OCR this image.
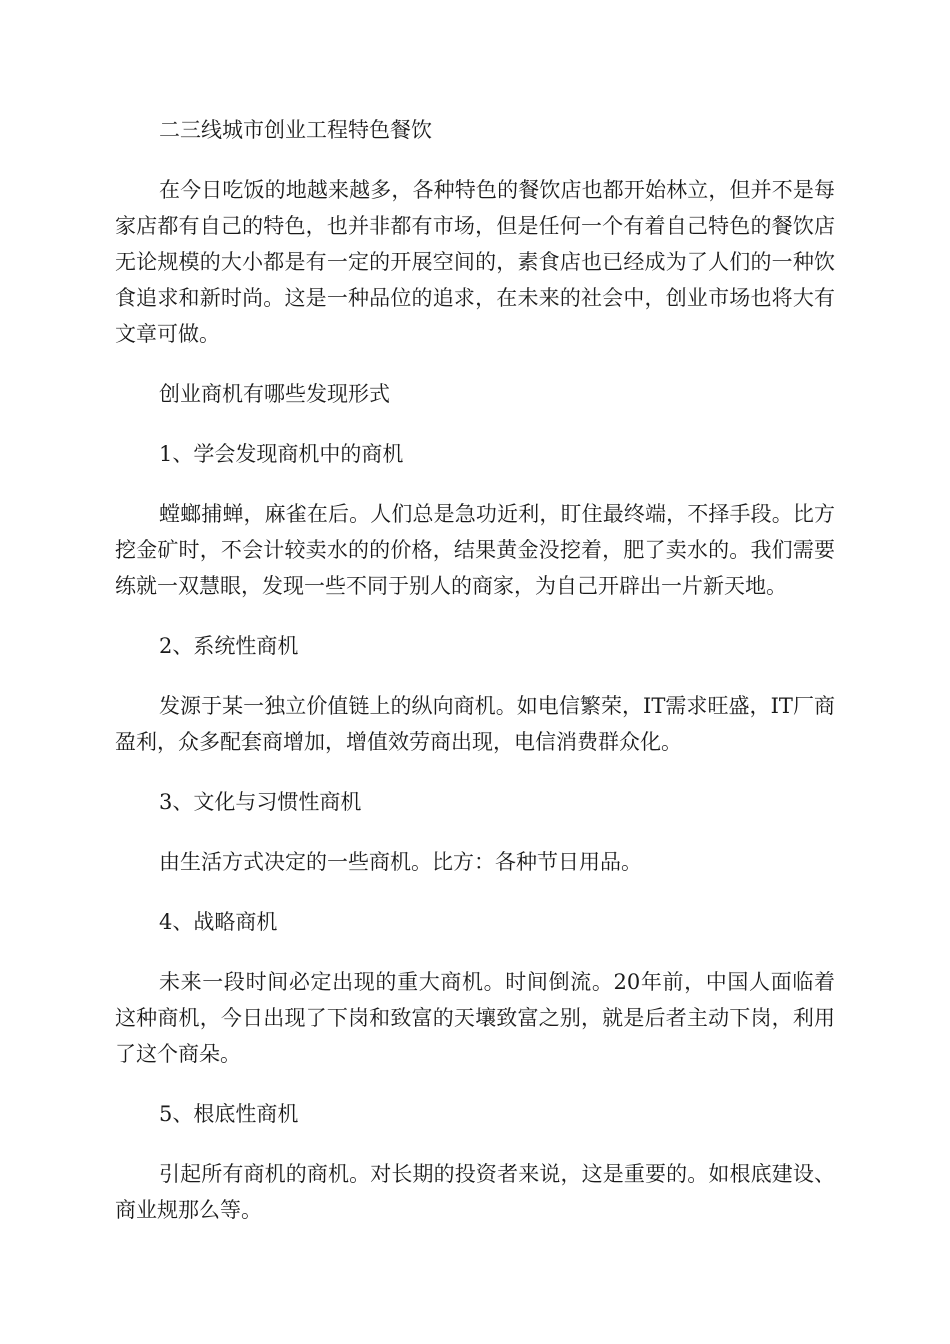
二三线城市创业工程特色餐饮

在今日吃饭的地越来越多，各种特色的餐饮店也都开始林立，但并不是每家店都有自己的特色，也并非都有市场，但是任何一个有着自己特色的餐饮店无论规模的大小都是有一定的开展空间的，素食店也已经成为了人们的一种饮食追求和新时尚。这是一种品位的追求，在未来的社会中，创业市场也将大有文章可做。

创业商机有哪些发现形式

1、学会发现商机中的商机

螳螂捕蝉，麻雀在后。人们总是急功近利，盯住最终端，不择手段。比方挖金矿时，不会计较卖水的的价格，结果黄金没挖着，肥了卖水的。我们需要练就一双慧眼，发现一些不同于别人的商家，为自己开辟出一片新天地。

2、系统性商机

发源于某一独立价值链上的纵向商机。如电信繁荣，IT需求旺盛，IT厂商盈利，众多配套商增加，增值效劳商出现，电信消费群众化。

3、文化与习惯性商机

由生活方式决定的一些商机。比方：各种节日用品。

4、战略商机

未来一段时间必定出现的重大商机。时间倒流。20年前，中国人面临着这种商机，今日出现了下岗和致富的天壤致富之别，就是后者主动下岗，利用了这个商朵。

5、根底性商机

引起所有商机的商机。对长期的投资者来说，这是重要的。如根底建设、商业规那么等。
